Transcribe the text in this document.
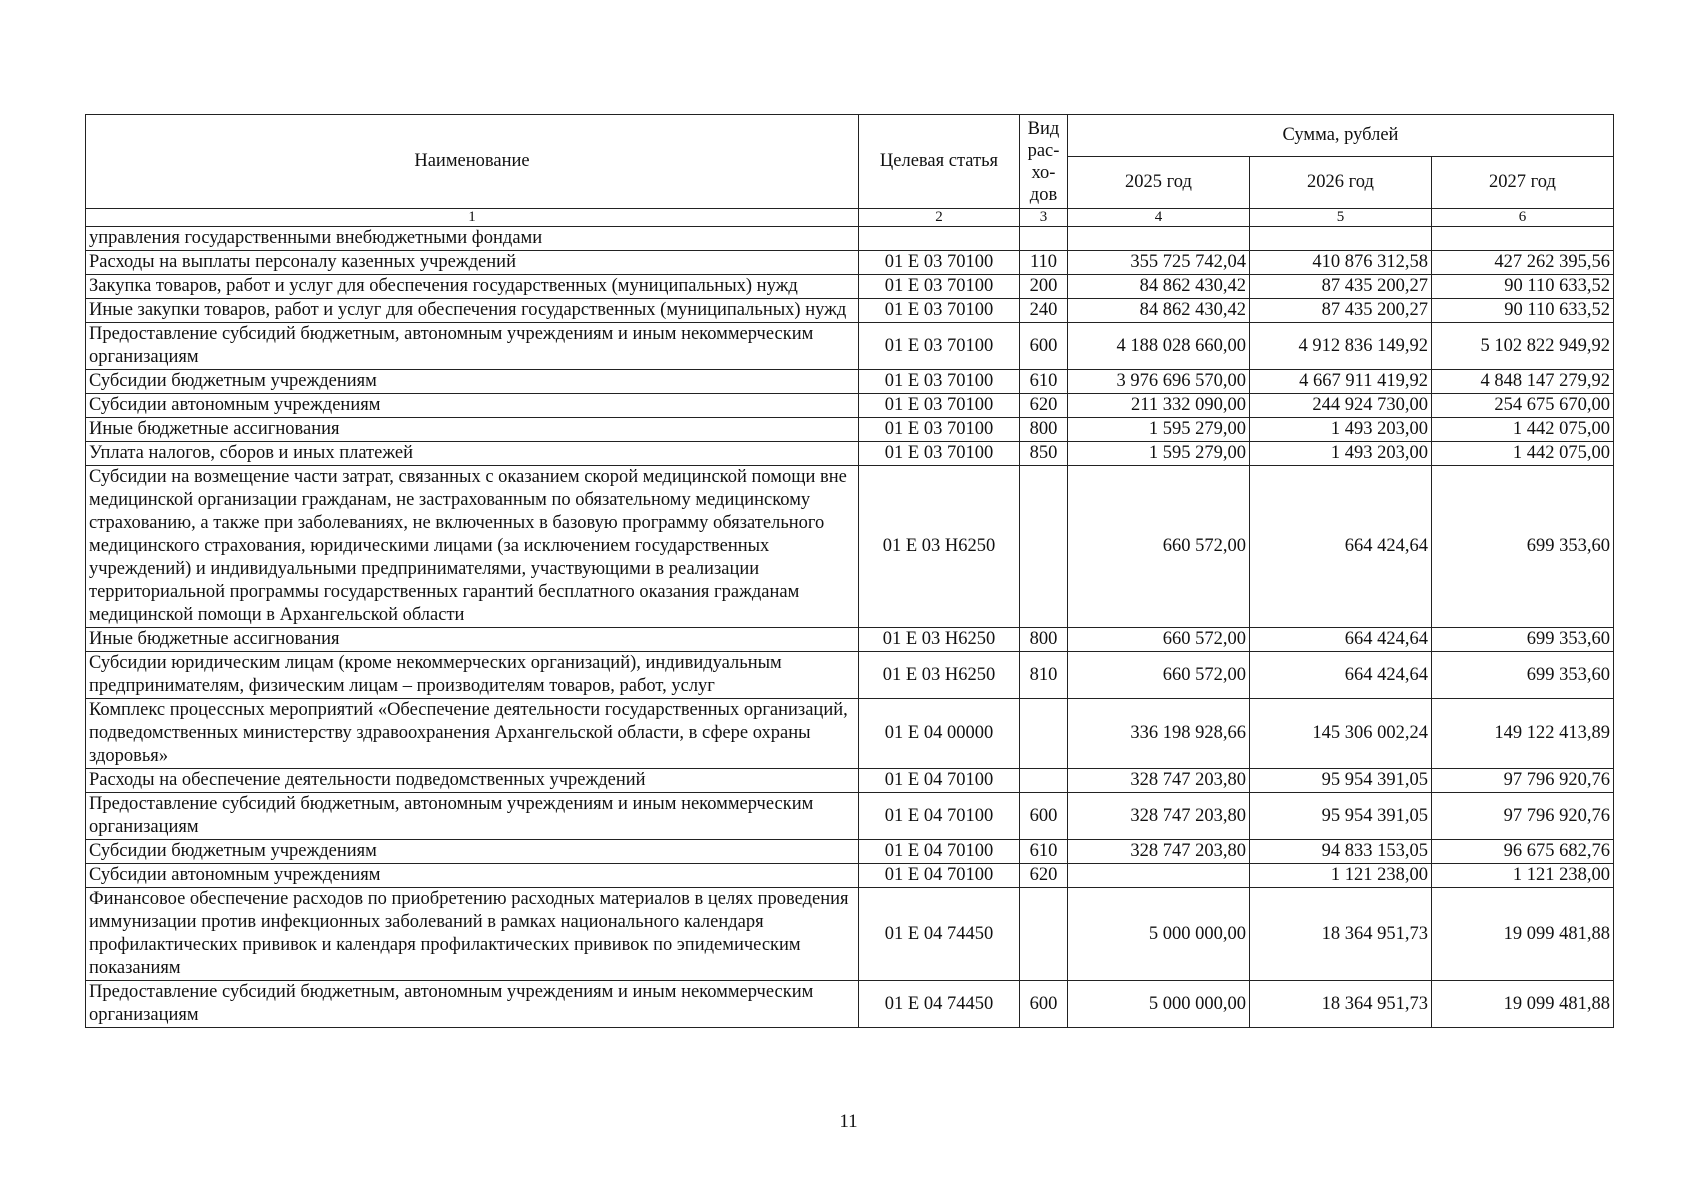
Наименование	Целевая статья	Вид
рас-
хо-
дов	Сумма, рублей		
			2025 год	2026 год	2027 год
1	2	3	4	5	6
управления государственными внебюджетными фондами					
Расходы на выплаты персоналу казенных учреждений	01 Е 03 70100	110	355 725 742,04	410 876 312,58	427 262 395,56
Закупка товаров, работ и услуг для обеспечения государственных (муниципальных) нужд	01 Е 03 70100	200	84 862 430,42	87 435 200,27	90 110 633,52
Иные закупки товаров, работ и услуг для обеспечения государственных (муниципальных) нужд	01 Е 03 70100	240	84 862 430,42	87 435 200,27	90 110 633,52
Предоставление субсидий бюджетным, автономным учреждениям и иным некоммерческим организациям	01 Е 03 70100	600	4 188 028 660,00	4 912 836 149,92	5 102 822 949,92
Субсидии бюджетным учреждениям	01 Е 03 70100	610	3 976 696 570,00	4 667 911 419,92	4 848 147 279,92
Субсидии автономным учреждениям	01 Е 03 70100	620	211 332 090,00	244 924 730,00	254 675 670,00
Иные бюджетные ассигнования	01 Е 03 70100	800	1 595 279,00	1 493 203,00	1 442 075,00
Уплата налогов, сборов и иных платежей	01 Е 03 70100	850	1 595 279,00	1 493 203,00	1 442 075,00
Субсидии на возмещение части затрат, связанных с оказанием скорой медицинской помощи вне медицинской организации гражданам, не застрахованным по обязательному медицинскому страхованию, а также при заболеваниях, не включенных в базовую программу обязательного медицинского страхования, юридическими лицами (за исключением государственных учреждений) и индивидуальными предпринимателями, участвующими в реализации территориальной программы государственных гарантий бесплатного оказания гражданам медицинской помощи в Архангельской области	01 Е 03 Н6250		660 572,00	664 424,64	699 353,60
Иные бюджетные ассигнования	01 Е 03 Н6250	800	660 572,00	664 424,64	699 353,60
Субсидии юридическим лицам (кроме некоммерческих организаций), индивидуальным предпринимателям, физическим лицам – производителям товаров, работ, услуг	01 Е 03 Н6250	810	660 572,00	664 424,64	699 353,60
Комплекс процессных мероприятий «Обеспечение деятельности государственных организаций, подведомственных министерству здравоохранения Архангельской области, в сфере охраны здоровья»	01 Е 04 00000		336 198 928,66	145 306 002,24	149 122 413,89
Расходы на обеспечение деятельности подведомственных учреждений	01 Е 04 70100		328 747 203,80	95 954 391,05	97 796 920,76
Предоставление субсидий бюджетным, автономным учреждениям и иным некоммерческим организациям	01 Е 04 70100	600	328 747 203,80	95 954 391,05	97 796 920,76
Субсидии бюджетным учреждениям	01 Е 04 70100	610	328 747 203,80	94 833 153,05	96 675 682,76
Субсидии автономным учреждениям	01 Е 04 70100	620		1 121 238,00	1 121 238,00
Финансовое обеспечение расходов по приобретению расходных материалов в целях проведения иммунизации против инфекционных заболеваний в рамках национального календаря профилактических прививок и календаря профилактических прививок по эпидемическим показаниям	01 Е 04 74450		5 000 000,00	18 364 951,73	19 099 481,88
Предоставление субсидий бюджетным, автономным учреждениям и иным некоммерческим организациям	01 Е 04 74450	600	5 000 000,00	18 364 951,73	19 099 481,88
11
